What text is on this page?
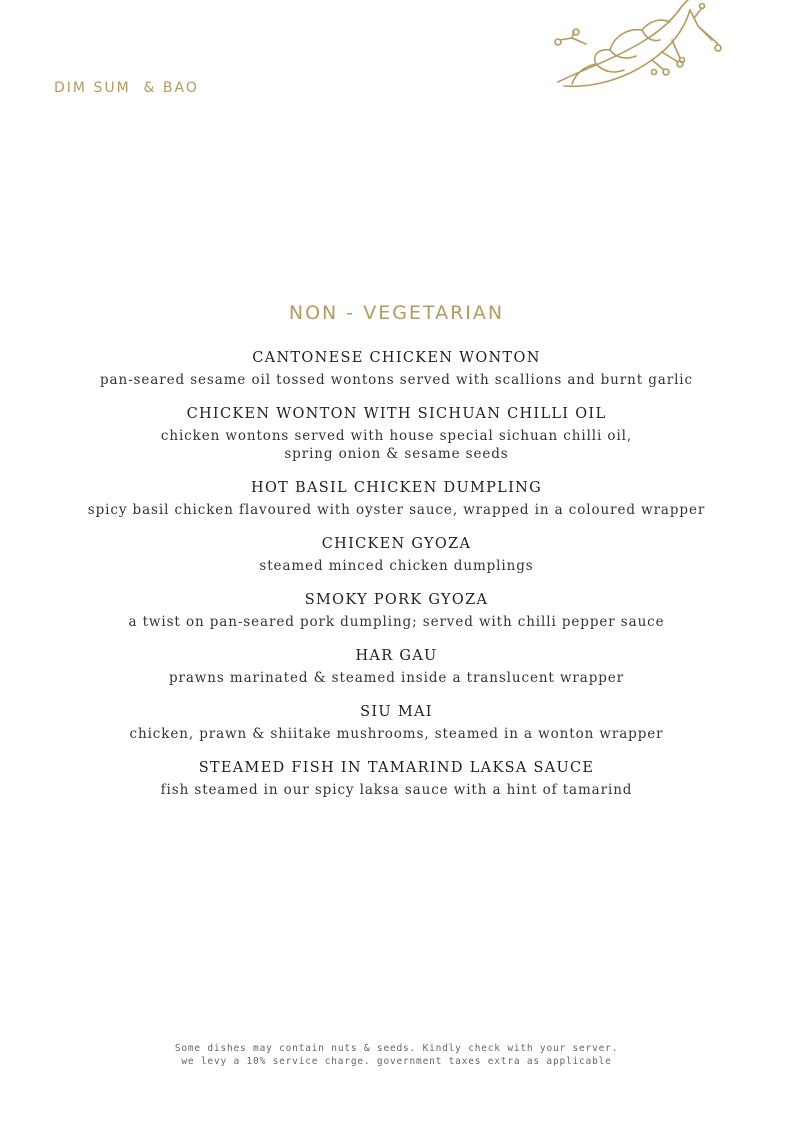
DIM SUM  & BAO
NON - VEGETARIAN
CANTONESE CHICKEN WONTON
pan-seared sesame oil tossed wontons served with scallions and burnt garlic
CHICKEN WONTON WITH SICHUAN CHILLI OIL
chicken wontons served with house special sichuan chilli oil,
spring onion & sesame seeds
HOT BASIL CHICKEN DUMPLING
spicy basil chicken flavoured with oyster sauce, wrapped in a coloured wrapper
CHICKEN GYOZA
steamed minced chicken dumplings
SMOKY PORK GYOZA
a twist on pan-seared pork dumpling; served with chilli pepper sauce
HAR GAU
prawns marinated & steamed inside a translucent wrapper
SIU MAI
chicken, prawn & shiitake mushrooms, steamed in a wonton wrapper
STEAMED FISH IN TAMARIND LAKSA SAUCE
fish steamed in our spicy laksa sauce with a hint of tamarind
Some dishes may contain nuts & seeds. Kindly check with your server.
we levy a 10% service charge. government taxes extra as applicable
